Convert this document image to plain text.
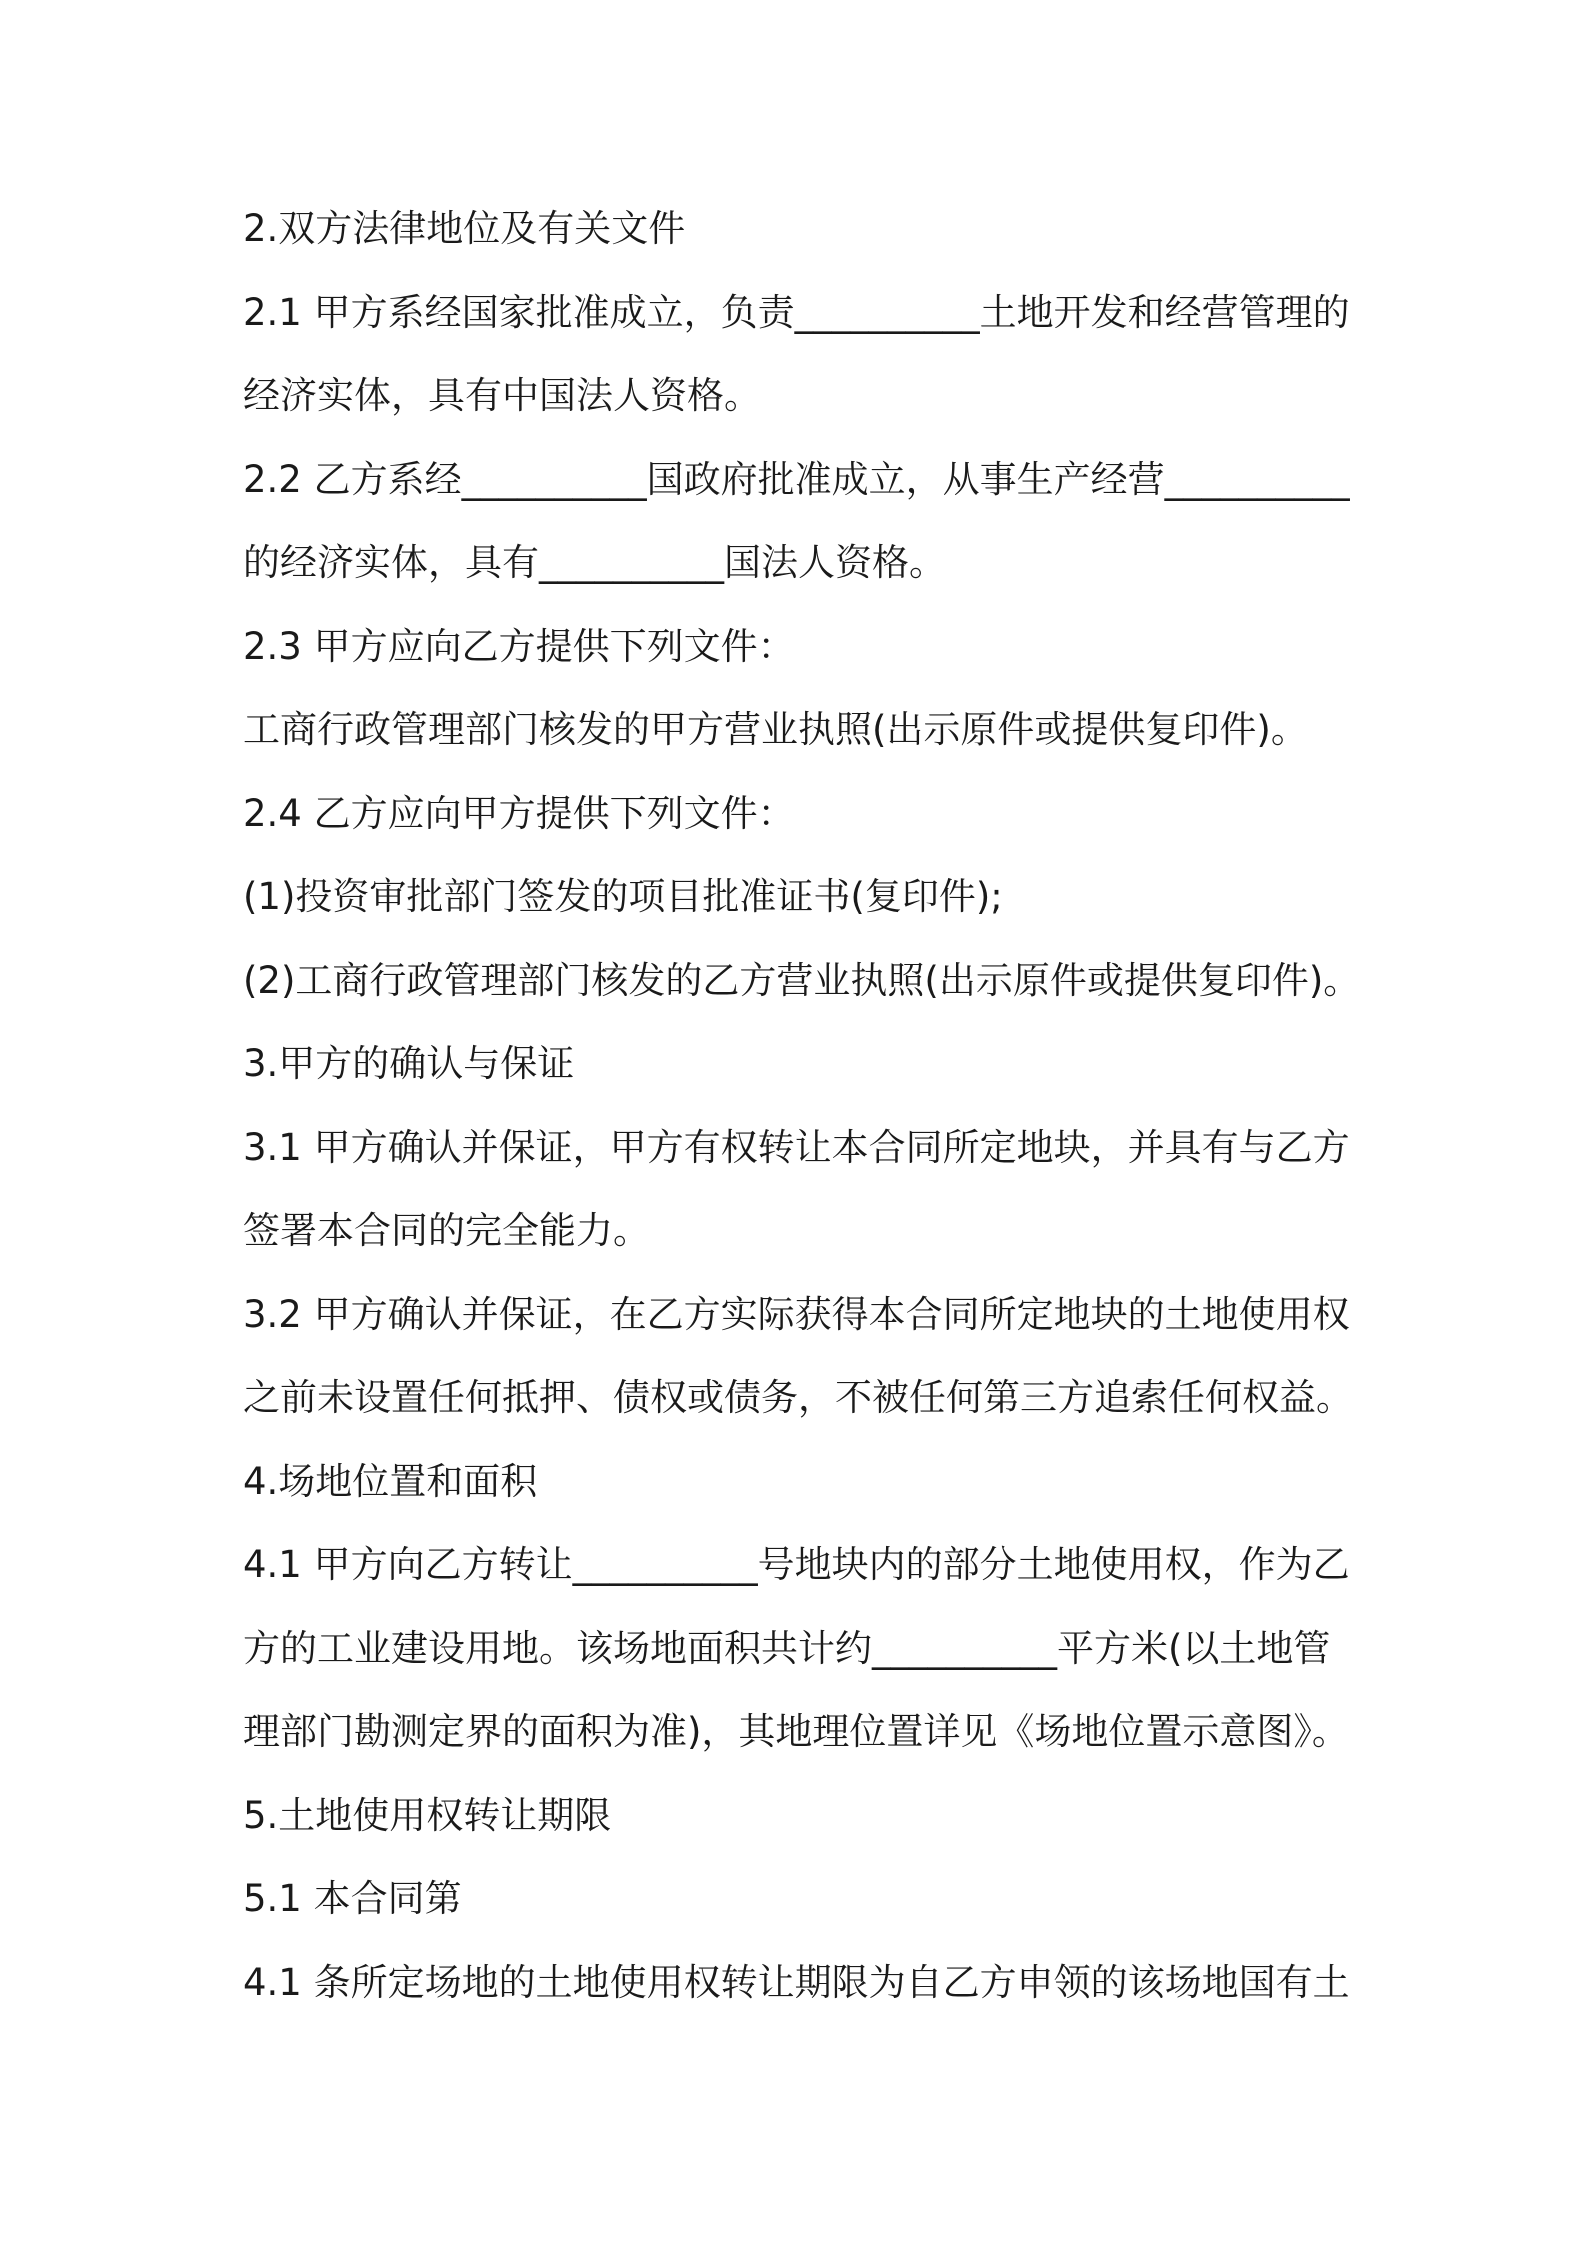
2.双方法律地位及有关文件
2.1 甲方系经国家批准成立，负责__________土地开发和经营管理的
经济实体，具有中国法人资格。
2.2 乙方系经__________国政府批准成立，从事生产经营__________
的经济实体，具有__________国法人资格。
2.3 甲方应向乙方提供下列文件：
工商行政管理部门核发的甲方营业执照(出示原件或提供复印件)。
2.4 乙方应向甲方提供下列文件：
(1)投资审批部门签发的项目批准证书(复印件);
(2)工商行政管理部门核发的乙方营业执照(出示原件或提供复印件)。
3.甲方的确认与保证
3.1 甲方确认并保证，甲方有权转让本合同所定地块，并具有与乙方
签署本合同的完全能力。
3.2 甲方确认并保证，在乙方实际获得本合同所定地块的土地使用权
之前未设置任何抵押、债权或债务，不被任何第三方追索任何权益。
4.场地位置和面积
4.1 甲方向乙方转让__________号地块内的部分土地使用权，作为乙
方的工业建设用地。该场地面积共计约__________平方米(以土地管
理部门勘测定界的面积为准)，其地理位置详见《场地位置示意图》。
5.土地使用权转让期限
5.1 本合同第
4.1 条所定场地的土地使用权转让期限为自乙方申领的该场地国有土
